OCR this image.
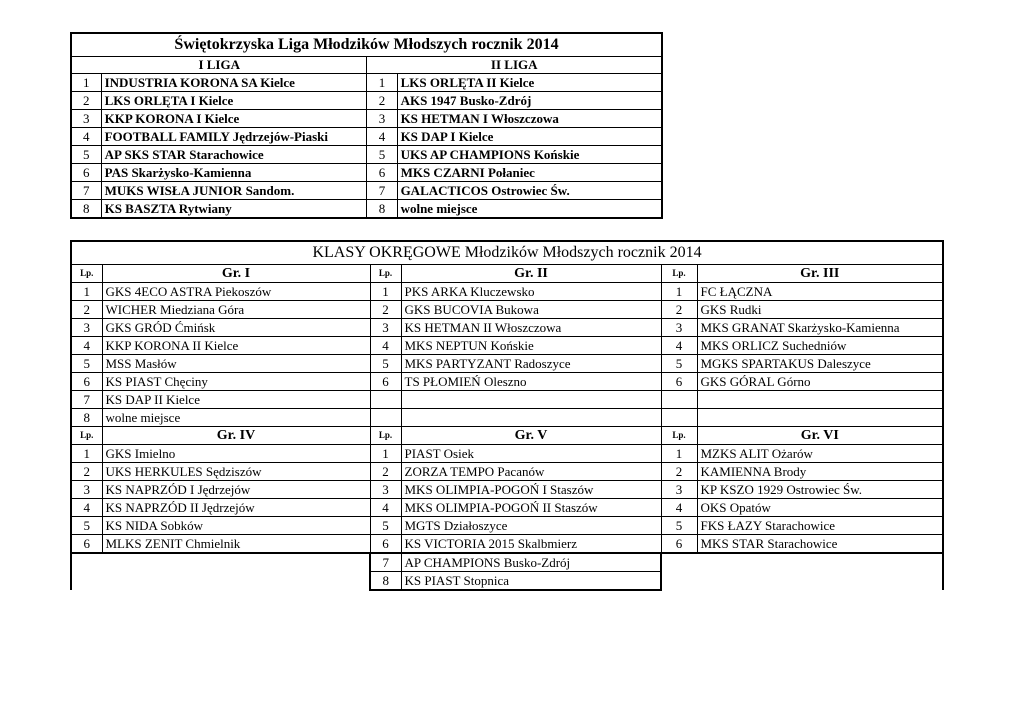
Świętokrzyska Liga Młodzików Młodszych rocznik 2014			
I LIGA		II LIGA	
1	INDUSTRIA KORONA SA Kielce	1	LKS ORLĘTA II Kielce
2	LKS ORLĘTA I Kielce	2	AKS 1947 Busko-Zdrój
3	KKP KORONA I Kielce	3	KS HETMAN I Włoszczowa
4	FOOTBALL FAMILY Jędrzejów-Piaski	4	KS DAP I Kielce
5	AP SKS STAR Starachowice	5	UKS AP CHAMPIONS Końskie
6	PAS Skarżysko-Kamienna	6	MKS CZARNI Połaniec
7	MUKS WISŁA JUNIOR Sandom.	7	GALACTICOS Ostrowiec Św.
8	KS BASZTA Rytwiany	8	wolne miejsce
KLASY OKRĘGOWE Młodzików Młodszych rocznik 2014					
Lp.	Gr. I	Lp.	Gr. II	Lp.	Gr. III
1	GKS 4ECO ASTRA Piekoszów	1	PKS ARKA Kluczewsko	1	FC ŁĄCZNA
2	WICHER Miedziana Góra	2	GKS BUCOVIA Bukowa	2	GKS Rudki
3	GKS GRÓD Ćmińsk	3	KS HETMAN II Włoszczowa	3	MKS GRANAT Skarżysko-Kamienna
4	KKP KORONA II Kielce	4	MKS NEPTUN Końskie	4	MKS ORLICZ Suchedniów
5	MSS Masłów	5	MKS PARTYZANT Radoszyce	5	MGKS SPARTAKUS Daleszyce
6	KS PIAST Chęciny	6	TS PŁOMIEŃ Oleszno	6	GKS GÓRAL Górno
7	KS DAP II Kielce				
8	wolne miejsce				
Lp.	Gr. IV	Lp.	Gr. V	Lp.	Gr. VI
1	GKS Imielno	1	PIAST Osiek	1	MZKS ALIT Ożarów
2	UKS HERKULES Sędziszów	2	ZORZA TEMPO Pacanów	2	KAMIENNA Brody
3	KS NAPRZÓD I Jędrzejów	3	MKS OLIMPIA-POGOŃ I Staszów	3	KP KSZO 1929 Ostrowiec Św.
4	KS NAPRZÓD II Jędrzejów	4	MKS OLIMPIA-POGOŃ II Staszów	4	OKS Opatów
5	KS NIDA Sobków	5	MGTS Działoszyce	5	FKS ŁAZY Starachowice
6	MLKS ZENIT Chmielnik	6	KS VICTORIA 2015 Skalbmierz	6	MKS STAR Starachowice
		7	AP CHAMPIONS Busko-Zdrój		
		8	KS PIAST Stopnica		
